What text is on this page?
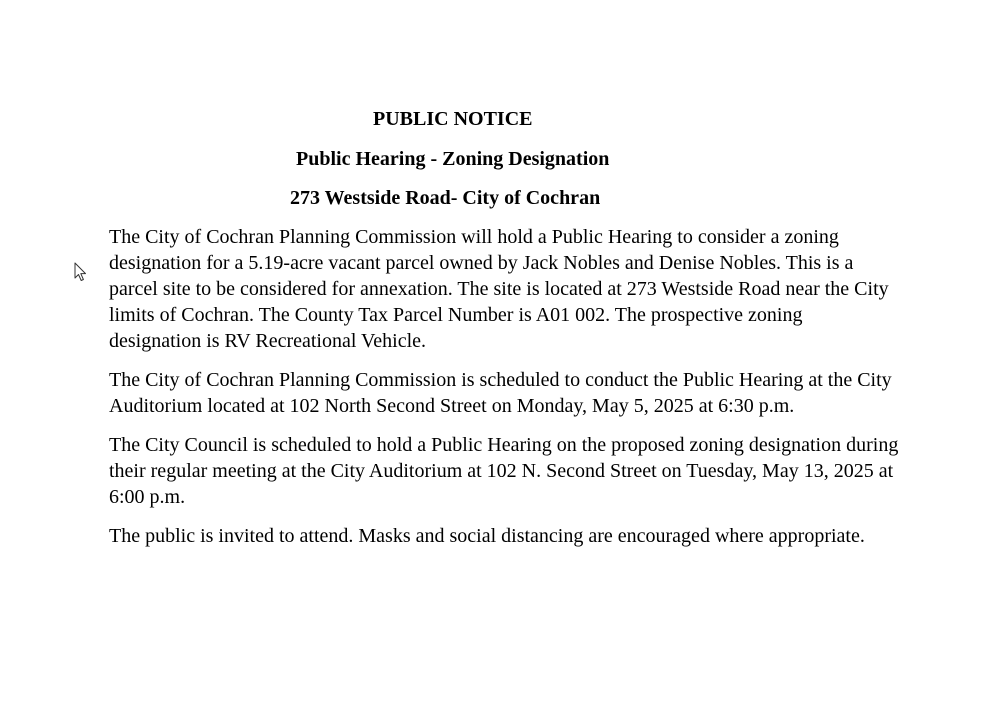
PUBLIC NOTICE

Public Hearing - Zoning Designation

273 Westside Road- City of Cochran

The City of Cochran Planning Commission will hold a Public Hearing to consider a zoning designation for a 5.19-acre vacant parcel owned by Jack Nobles and Denise Nobles. This is a parcel site to be considered for annexation. The site is located at 273 Westside Road near the City limits of Cochran. The County Tax Parcel Number is A01 002. The prospective zoning designation is RV Recreational Vehicle.

The City of Cochran Planning Commission is scheduled to conduct the Public Hearing at the City Auditorium located at 102 North Second Street on Monday, May 5, 2025 at 6:30 p.m.

The City Council is scheduled to hold a Public Hearing on the proposed zoning designation during their regular meeting at the City Auditorium at 102 N. Second Street on Tuesday, May 13, 2025 at 6:00 p.m.

The public is invited to attend. Masks and social distancing are encouraged where appropriate.
